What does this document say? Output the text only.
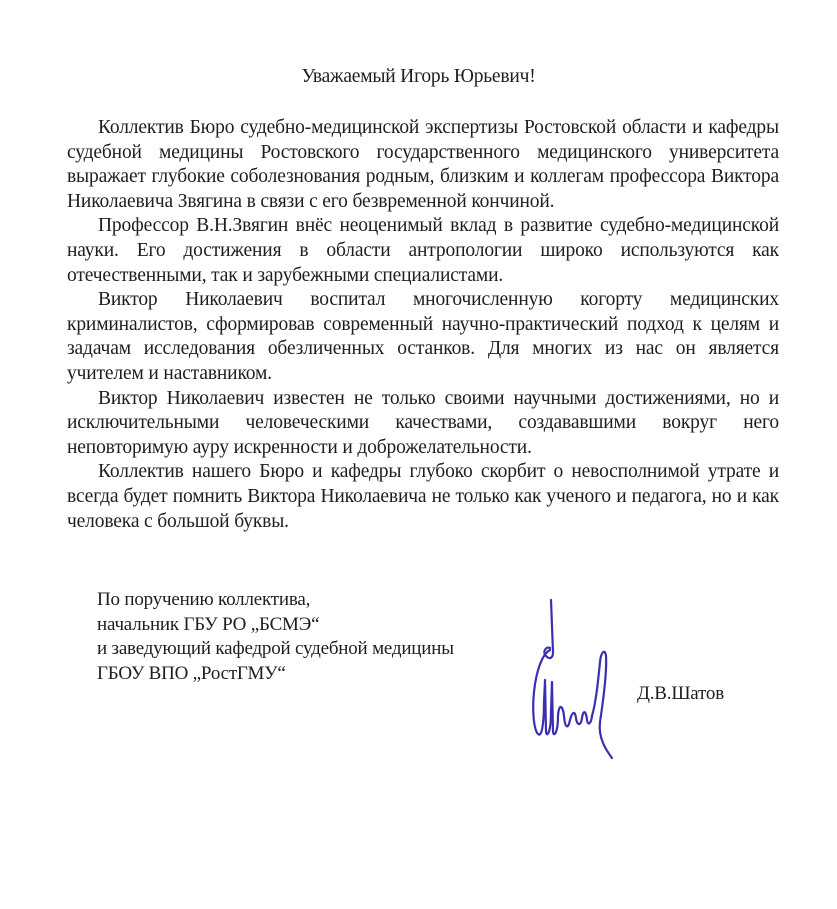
Уважаемый Игорь Юрьевич!

Коллектив Бюро судебно-медицинской экспертизы Ростовской области и кафедры судебной медицины Ростовского государственного медицинского университета выражает глубокие соболезнования родным, близким и коллегам профессора Виктора Николаевича Звягина в связи с его безвременной кончиной.

Профессор В.Н.Звягин внёс неоценимый вклад в развитие судебно-медицинской науки. Его достижения в области антропологии широко используются как отечественными, так и зарубежными специалистами.

Виктор Николаевич воспитал многочисленную когорту медицинских криминалистов, сформировав современный научно-практический подход к целям и задачам исследования обезличенных останков. Для многих из нас он является учителем и наставником.

Виктор Николаевич известен не только своими научными достижениями, но и исключительными человеческими качествами, создававшими вокруг него неповторимую ауру искренности и доброжелательности.

Коллектив нашего Бюро и кафедры глубоко скорбит о невосполнимой утрате и всегда будет помнить Виктора Николаевича не только как ученого и педагога, но и как человека с большой буквы.

По поручению коллектива,
начальник ГБУ РО „БСМЭ“
и заведующий кафедрой судебной медицины
ГБОУ ВПО „РостГМУ“
Д.В.Шатов
